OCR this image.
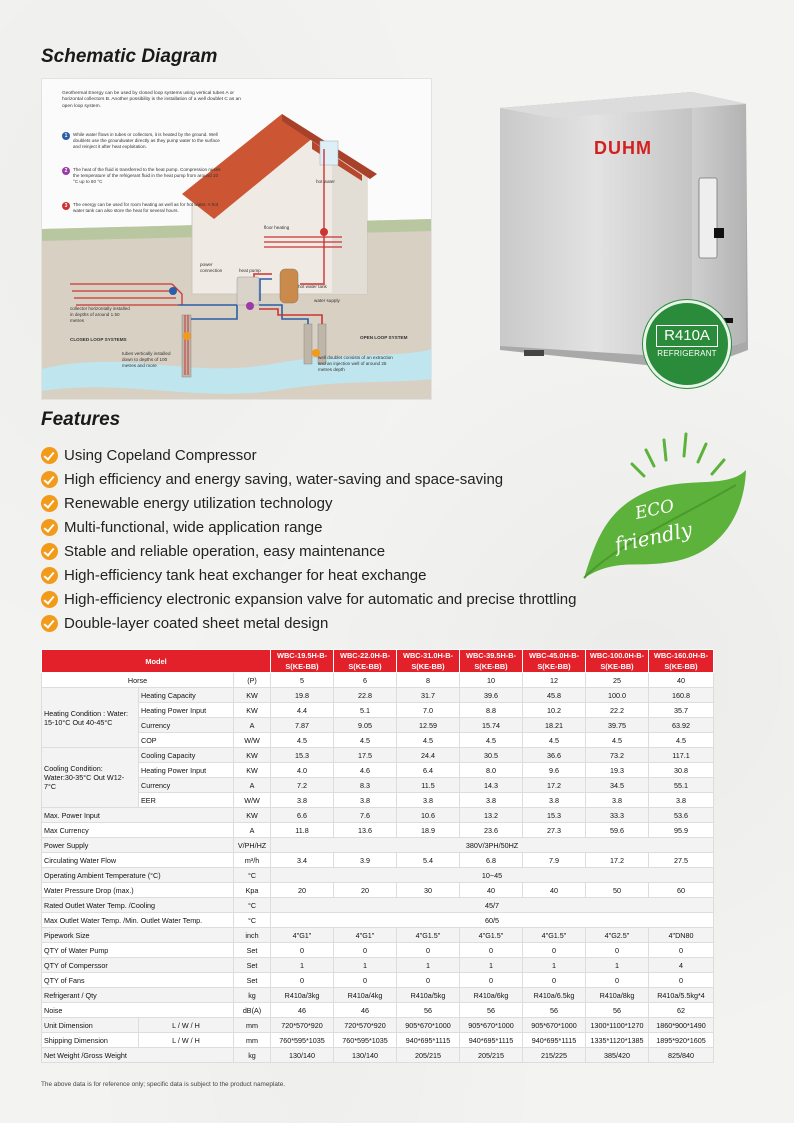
Schematic Diagram
Geothermal Energy can be used by closed loop systems using vertical tubes A or horizontal collectors B. Another possibility is the installation of a well doublet C as an open loop system.
1	While water flows in tubes or collectors, it is heated by the ground. Well doublets use the groundwater directly as they pump water to the surface and reinject it after heat exploitation.
2	The heat of the fluid is transferred to the heat pump. Compression raises the temperature of the refrigerant fluid in the heat pump from around 10 °C up to 60 °C
3	The energy can be used for room heating as well as for hot water. A hot water tank can also store the heat for several hours.
hot water
floor heating
power connection	heat pump
hot water tank
water supply
collector horizontally installed in depths of around 1.50 metres
CLOSED LOOP SYSTEMS
tubes vertically installed down to depths of 100 metres and more
OPEN LOOP SYSTEM
well doublet consists of an extraction and an injection well of around 25 metres depth
DUHM
R410A
REFRIGERANT
Features
Using Copeland Compressor
High efficiency and energy saving, water-saving and space-saving
Renewable energy utilization technology
Multi-functional, wide application range
Stable and reliable operation, easy maintenance
High-efficiency tank heat exchanger for heat exchange
High-efficiency electronic expansion valve for automatic and precise throttling
Double-layer coated sheet metal design
ECO
friendly
Model			WBC-19.5H-B-S(KE-BB)	WBC-22.0H-B-S(KE-BB)	WBC-31.0H-B-S(KE-BB)	WBC-39.5H-B-S(KE-BB)	WBC-45.0H-B-S(KE-BB)	WBC-100.0H-B-S(KE-BB)	WBC-160.0H-B-S(KE-BB)
Horse		(P)	5	6	8	10	12	25	40
Heating Condition : Water: 15-10°C Out 40-45°C	Heating Capacity	KW	19.8	22.8	31.7	39.6	45.8	100.0	160.8
	Heating Power Input	KW	4.4	5.1	7.0	8.8	10.2	22.2	35.7
	Currency	A	7.87	9.05	12.59	15.74	18.21	39.75	63.92
	COP	W/W	4.5	4.5	4.5	4.5	4.5	4.5	4.5
Cooling Condition: Water:30-35°C Out W12-7°C	Cooling Capacity	KW	15.3	17.5	24.4	30.5	36.6	73.2	117.1
	Heating Power Input	KW	4.0	4.6	6.4	8.0	9.6	19.3	30.8
	Currency	A	7.2	8.3	11.5	14.3	17.2	34.5	55.1
	EER	W/W	3.8	3.8	3.8	3.8	3.8	3.8	3.8
Max. Power Input		KW	6.6	7.6	10.6	13.2	15.3	33.3	53.6
Max Currency		A	11.8	13.6	18.9	23.6	27.3	59.6	95.9
Power Supply		V/PH/HZ	380V/3PH/50HZ						
Circulating Water Flow		m³/h	3.4	3.9	5.4	6.8	7.9	17.2	27.5
Operating Ambient Temperature (°C)		°C	10~45						
Water Pressure Drop (max.)		Kpa	20	20	30	40	40	50	60
Rated Outlet Water Temp. /Cooling		°C	45/7						
Max Outlet Water Temp. /Min. Outlet Water Temp.		°C	60/5						
Pipework Size		inch	4"G1"	4"G1"	4"G1.5"	4"G1.5"	4"G1.5"	4"G2.5"	4"DN80
QTY of Water Pump		Set	0	0	0	0	0	0	0
QTY of Comperssor		Set	1	1	1	1	1	1	4
QTY of Fans		Set	0	0	0	0	0	0	0
Refrigerant / Qty		kg	R410a/3kg	R410a/4kg	R410a/5kg	R410a/6kg	R410a/6.5kg	R410a/8kg	R410a/5.5kg*4
Noise		dB(A)	46	46	56	56	56	56	62
Unit Dimension	L / W / H	mm	720*570*920	720*570*920	905*670*1000	905*670*1000	905*670*1000	1300*1100*1270	1860*900*1490
Shipping Dimension	L / W / H	mm	760*595*1035	760*595*1035	940*695*1115	940*695*1115	940*695*1115	1335*1120*1385	1895*920*1605
Net Weight /Gross Weight		kg	130/140	130/140	205/215	205/215	215/225	385/420	825/840
The above data is for reference only; specific data is subject to the product nameplate.
